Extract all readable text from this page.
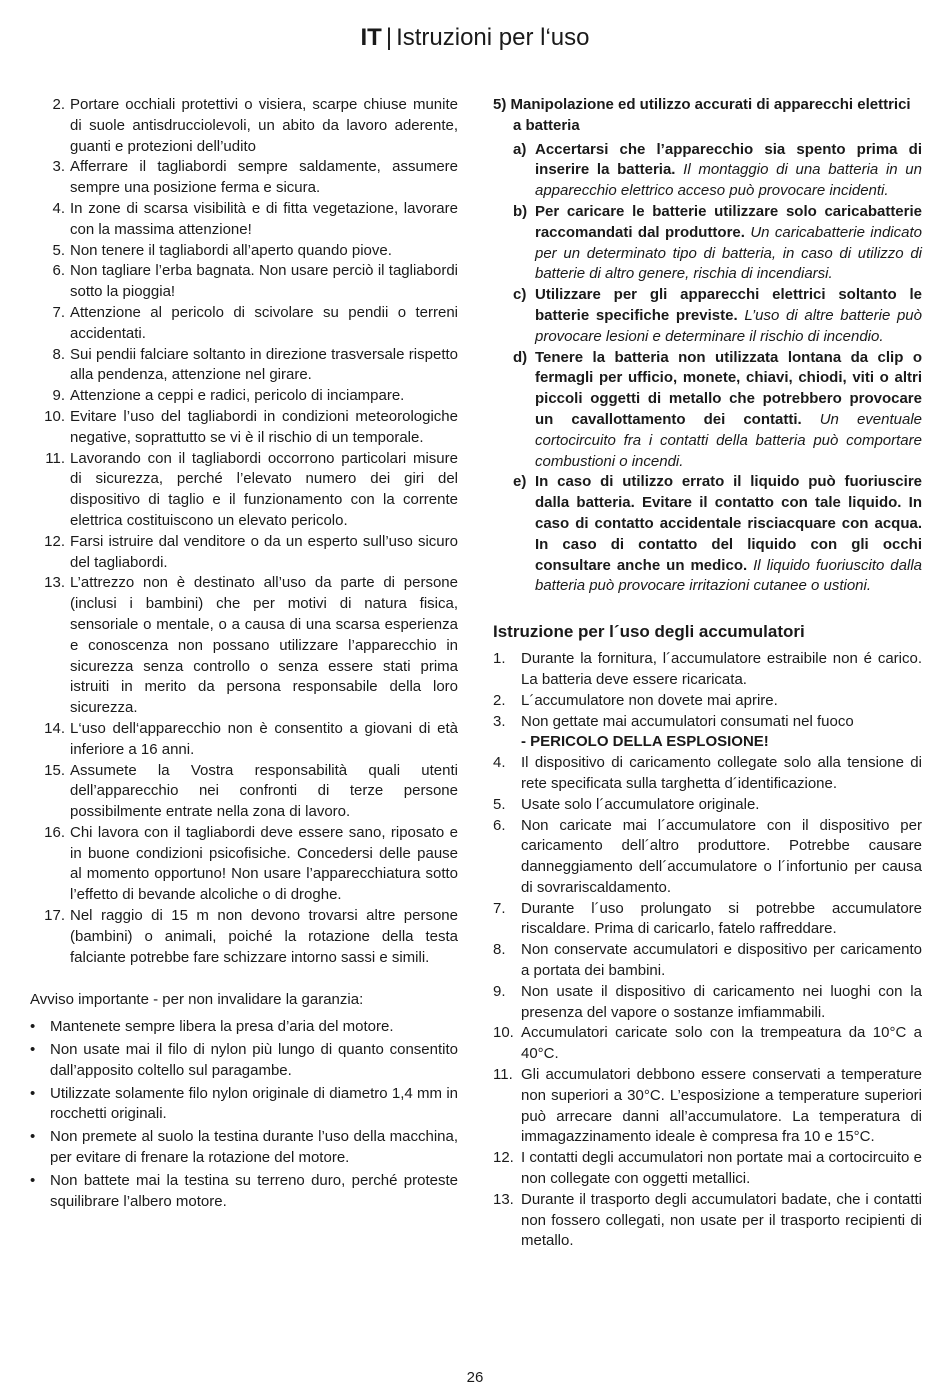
IT | Istruzioni per l‘uso
2. Portare occhiali protettivi o visiera, scarpe chiuse munite di suole antisdrucciolevoli, un abito da lavoro aderente, guanti e protezioni dell’udito
3. Afferrare il tagliabordi sempre saldamente, assumere sempre una posizione ferma e sicura.
4. In zone di scarsa visibilità e di fitta vegetazione, lavorare con la massima attenzione!
5. Non tenere il tagliabordi all’aperto quando piove.
6. Non tagliare l’erba bagnata. Non usare perciò il tagliabordi sotto la pioggia!
7. Attenzione al pericolo di scivolare su pendii o terreni accidentati.
8. Sui pendii falciare soltanto in direzione trasversale rispetto alla pendenza, attenzione nel girare.
9. Attenzione a ceppi e radici, pericolo di inciampare.
10. Evitare l’uso del tagliabordi in condizioni meteorologiche negative, soprattutto se vi è il rischio di un temporale.
11. Lavorando con il tagliabordi occorrono particolari misure di sicurezza, perché l’elevato numero dei giri del dispositivo di taglio e il funzionamento con la corrente elettrica costituiscono un elevato pericolo.
12. Farsi istruire dal venditore o da un esperto sull’uso sicuro del tagliabordi.
13. L’attrezzo non è destinato all’uso da parte di persone (inclusi i bambini) che per motivi di natura fisica, sensoriale o mentale, o a causa di una scarsa esperienza e conoscenza non possano utilizzare l’apparecchio in sicurezza senza controllo o senza essere stati prima istruiti in merito da persona responsabile della loro sicurezza.
14. L‘uso dell‘apparecchio non è consentito a giovani di età inferiore a 16 anni.
15. Assumete la Vostra responsabilità quali utenti dell’apparecchio nei confronti di terze persone possibilmente entrate nella zona di lavoro.
16. Chi lavora con il tagliabordi deve essere sano, riposato e in buone condizioni psicofisiche. Concedersi delle pause al momento opportuno! Non usare l’apparecchiatura sotto l’effetto di bevande alcoliche o di droghe.
17. Nel raggio di 15 m non devono trovarsi altre persone (bambini) o animali, poiché la rotazione della testa falciante potrebbe fare schizzare intorno sassi e simili.
Avviso importante - per non invalidare la garanzia:
• Mantenete sempre libera la presa d’aria del motore.
• Non usate mai il filo di nylon più lungo di quanto consentito dall’apposito coltello sul paragambe.
• Utilizzate solamente filo nylon originale di diametro 1,4 mm in rocchetti originali.
• Non premete al suolo la testina durante l’uso della macchina, per evitare di frenare la rotazione del motore.
• Non battete mai la testina su terreno duro, perché proteste squilibrare l’albero motore.
5) Manipolazione ed utilizzo accurati di apparecchi elettrici a batteria
a) Accertarsi che l’apparecchio sia spento prima di inserire la batteria. Il montaggio di una batteria in un apparecchio elettrico acceso può provocare incidenti.
b) Per caricare le batterie utilizzare solo caricabatterie raccomandati dal produttore. Un caricabatterie indicato per un determinato tipo di batteria, in caso di utilizzo di batterie di altro genere, rischia di incendiarsi.
c) Utilizzare per gli apparecchi elettrici soltanto le batterie specifiche previste. L’uso di altre batterie può provocare lesioni e determinare il rischio di incendio.
d) Tenere la batteria non utilizzata lontana da clip o fermagli per ufficio, monete, chiavi, chiodi, viti o altri piccoli oggetti di metallo che potrebbero provocare un cavallottamento dei contatti. Un eventuale cortocircuito fra i contatti della batteria può comportare combustioni o incendi.
e) In caso di utilizzo errato il liquido può fuoriuscire dalla batteria. Evitare il contatto con tale liquido. In caso di contatto accidentale risciacquare con acqua. In caso di contatto del liquido con gli occhi consultare anche un medico. Il liquido fuoriuscito dalla batteria può provocare irritazioni cutanee o ustioni.
Istruzione per l´uso degli accumulatori
1. Durante la fornitura, l´accumulatore estraibile non é carico. La batteria deve essere ricaricata.
2. L´accumulatore non dovete mai aprire.
3. Non gettate mai accumulatori consumati nel fuoco
- PERICOLO DELLA ESPLOSIONE!
4. Il dispositivo di caricamento collegate solo alla tensione di rete specificata sulla targhetta d´identificazione.
5. Usate solo l´accumulatore originale.
6. Non caricate mai l´accumulatore con il dispositivo per caricamento dell´altro produttore. Potrebbe causare danneggiamento dell´accumulatore o l´infortunio per causa di sovrariscaldamento.
7. Durante l´uso prolungato si potrebbe accumulatore riscaldare. Prima di caricarlo, fatelo raffreddare.
8. Non conservate accumulatori e dispositivo per caricamento a portata dei bambini.
9. Non usate il dispositivo di caricamento nei luoghi con la presenza del vapore o sostanze imfiammabili.
10. Accumulatori caricate solo con la trempeatura da 10°C a 40°C.
11. Gli accumulatori debbono essere conservati a temperature non superiori a 30°C. L’esposizione a temperature superiori può arrecare danni all’accumulatore. La temperatura di immagazzinamento ideale è compresa fra 10 e 15°C.
12. I contatti degli accumulatori non portate mai a cortocircuito e non collegate con oggetti metallici.
13. Durante il trasporto degli accumulatori badate, che i contatti non fossero collegati, non usate per il trasporto recipienti di metallo.
26
